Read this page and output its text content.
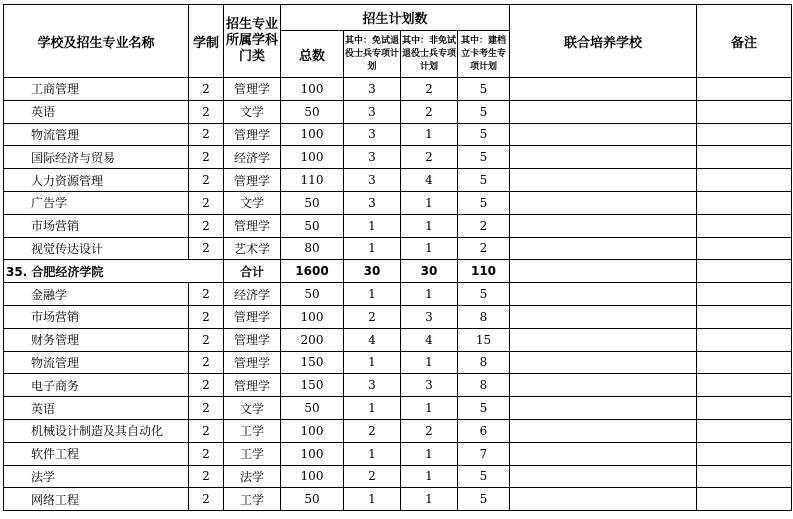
学校及招生专业名称	学制	招生专业所属学科门类	招生计划数				联合培养学校	备注
			总数	其中：免试退役士兵专项计划	其中：非免试退役士兵专项计划	其中：建档立卡考生专项计划		
工商管理	2	管理学	100	3	2	5		
英语	2	文学	50	3	2	5		
物流管理	2	管理学	100	3	1	5		
国际经济与贸易	2	经济学	100	3	2	5		
人力资源管理	2	管理学	110	3	4	5		
广告学	2	文学	50	3	1	5		
市场营销	2	管理学	50	1	1	2		
视觉传达设计	2	艺术学	80	1	1	2		
35. 合肥经济学院		合计	1600	30	30	110		
金融学	2	经济学	50	1	1	5		
市场营销	2	管理学	100	2	3	8		
财务管理	2	管理学	200	4	4	15		
物流管理	2	管理学	150	1	1	8		
电子商务	2	管理学	150	3	3	8		
英语	2	文学	50	1	1	5		
机械设计制造及其自动化	2	工学	100	2	2	6		
软件工程	2	工学	100	1	1	7		
法学	2	法学	100	2	1	5		
网络工程	2	工学	50	1	1	5		
